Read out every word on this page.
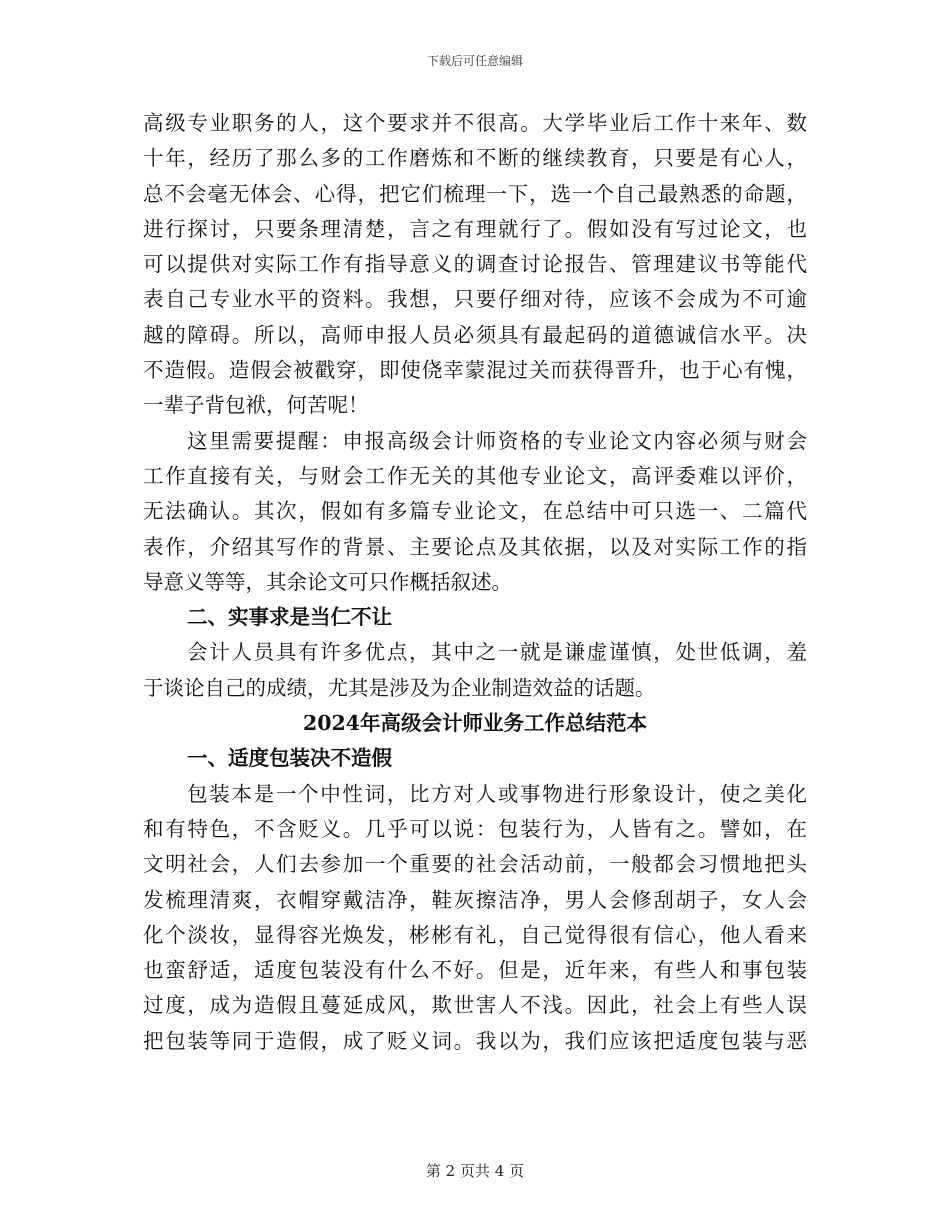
下载后可任意编辑
高级专业职务的人，这个要求并不很高。大学毕业后工作十来年、数
十年，经历了那么多的工作磨炼和不断的继续教育，只要是有心人，
总不会毫无体会、心得，把它们梳理一下，选一个自己最熟悉的命题，
进行探讨，只要条理清楚，言之有理就行了。假如没有写过论文，也
可以提供对实际工作有指导意义的调查讨论报告、管理建议书等能代
表自己专业水平的资料。我想，只要仔细对待，应该不会成为不可逾
越的障碍。所以，高师申报人员必须具有最起码的道德诚信水平。决
不造假。造假会被戳穿，即使侥幸蒙混过关而获得晋升，也于心有愧，
一辈子背包袱，何苦呢！
这里需要提醒：申报高级会计师资格的专业论文内容必须与财会
工作直接有关，与财会工作无关的其他专业论文，高评委难以评价，
无法确认。其次，假如有多篇专业论文，在总结中可只选一、二篇代
表作，介绍其写作的背景、主要论点及其依据，以及对实际工作的指
导意义等等，其余论文可只作概括叙述。
二、实事求是当仁不让
会计人员具有许多优点，其中之一就是谦虚谨慎，处世低调，羞
于谈论自己的成绩，尤其是涉及为企业制造效益的话题。
2024年高级会计师业务工作总结范本
一、适度包装决不造假
包装本是一个中性词，比方对人或事物进行形象设计，使之美化
和有特色，不含贬义。几乎可以说：包装行为，人皆有之。譬如，在
文明社会，人们去参加一个重要的社会活动前，一般都会习惯地把头
发梳理清爽，衣帽穿戴洁净，鞋灰擦洁净，男人会修刮胡子，女人会
化个淡妆，显得容光焕发，彬彬有礼，自己觉得很有信心，他人看来
也蛮舒适，适度包装没有什么不好。但是，近年来，有些人和事包装
过度，成为造假且蔓延成风，欺世害人不浅。因此，社会上有些人误
把包装等同于造假，成了贬义词。我以为，我们应该把适度包装与恶
第 2 页共 4 页
